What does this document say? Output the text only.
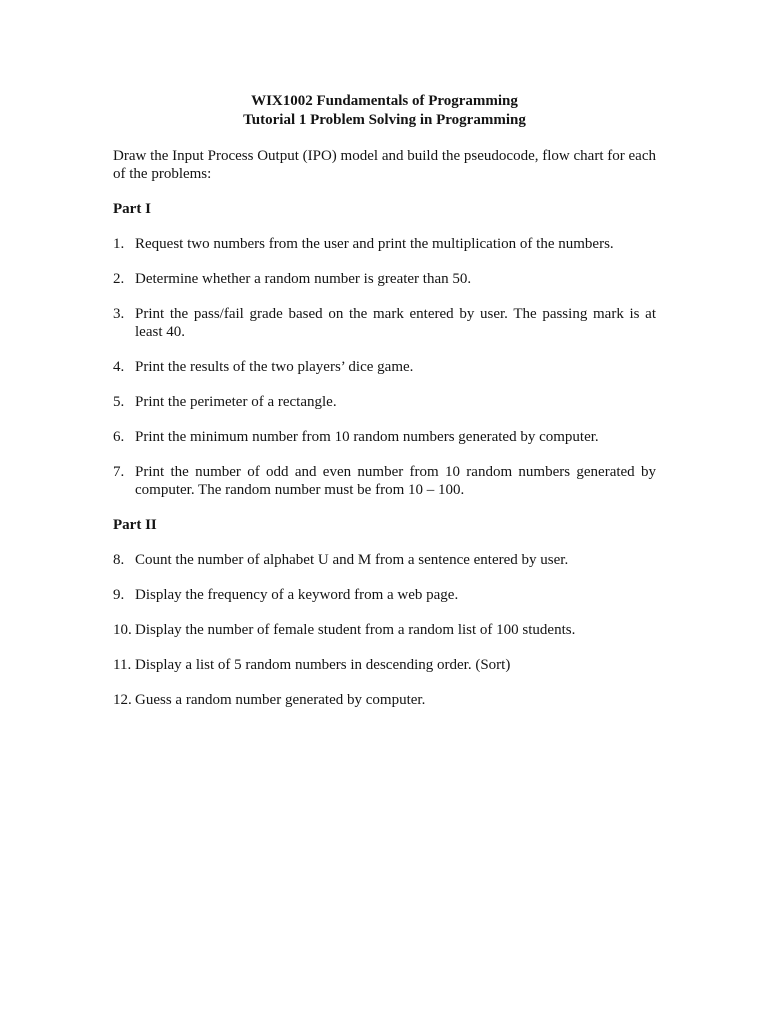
WIX1002 Fundamentals of Programming

Tutorial 1 Problem Solving in Programming

Draw the Input Process Output (IPO) model and build the pseudocode, flow chart for each of the problems:

Part I

1. Request two numbers from the user and print the multiplication of the numbers.
2. Determine whether a random number is greater than 50.
3. Print the pass/fail grade based on the mark entered by user. The passing mark is at least 40.
4. Print the results of the two players’ dice game.
5. Print the perimeter of a rectangle.
6. Print the minimum number from 10 random numbers generated by computer.
7. Print the number of odd and even number from 10 random numbers generated by computer. The random number must be from 10 – 100.

Part II

8. Count the number of alphabet U and M from a sentence entered by user.
9. Display the frequency of a keyword from a web page.
10. Display the number of female student from a random list of 100 students.
11. Display a list of 5 random numbers in descending order. (Sort)
12. Guess a random number generated by computer.
